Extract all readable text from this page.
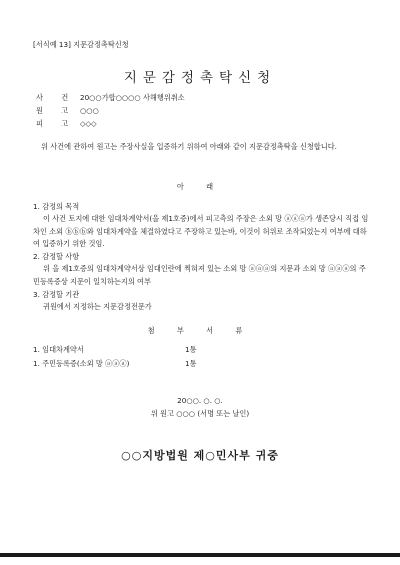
[서식예 13] 지문감정촉탁신청
지문감정촉탁신청
사 건 20○○가합○○○○ 사해행위취소
원 고 ○○○
피 고 ◇◇◇
위 사건에 관하여 원고는 주장사실을 입증하기 위하여 아래와 같이 지문감정촉탁을 신청합니다.
아 래
1. 감정의 목적
이 사건 토지에 대한 임대차계약서(을 제1호증)에서 피고측의 주장은 소외 망 ⓐⓐⓐ가 생존당시 직접 임차인 소외 ⓑⓑⓑ와 임대차계약을 체결하였다고 주장하고 있는바, 이것이 허위로 조작되었는지 여부에 대하여 입증하기 위한 것임.
2. 감정할 사항
위 을 제1호증의 임대차계약서상 임대인란에 찍혀져 있는 소외 망 ⓐⓐⓐ의 지문과 소외 망 ⓐⓐⓐ의 주민등록증상 지문이 일치하는지의 여부
3. 감정할 기관
귀원에서 지정하는 지문감정전문가
첨 부 서 류
1. 임대차계약서	1통
1. 주민등록증(소외 망 ⓐⓐⓐ)	1통
20○○. ○. ○.
위 원고 ○○○ (서명 또는 날인)
○○지방법원 제○민사부 귀중
